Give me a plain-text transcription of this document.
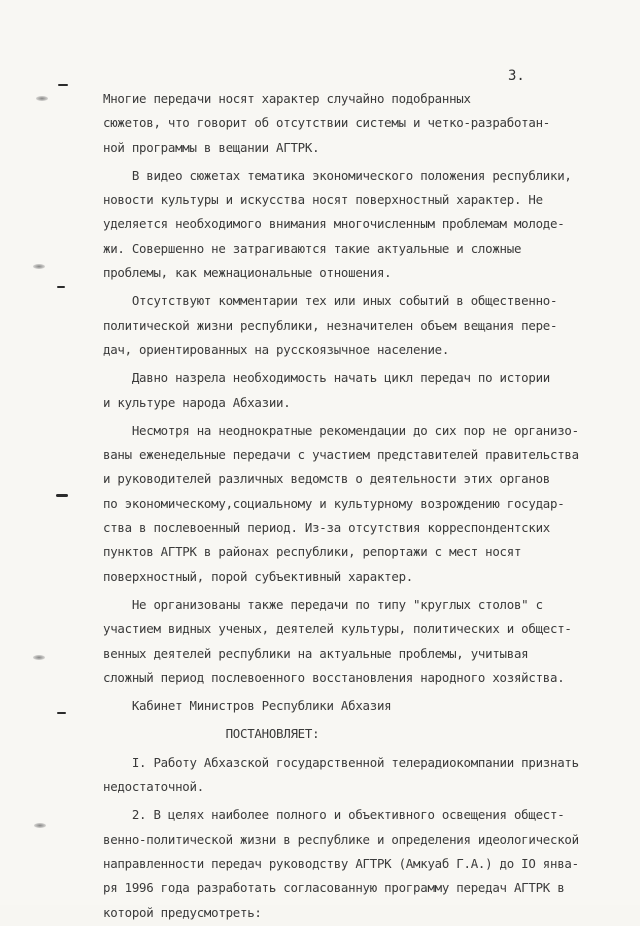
3.
Многие передачи носят характер случайно подобранных
сюжетов, что говорит об отсутствии системы и четко-разработан-
ной программы в вещании АГТРК.
В видео сюжетах тематика экономического положения республики,
новости культуры и искусства носят поверхностный характер. Не
уделяется необходимого внимания многочисленным проблемам молоде-
жи. Совершенно не затрагиваются такие актуальные и сложные
проблемы, как межнациональные отношения.
Отсутствуют комментарии тех или иных событий в общественно-
политической жизни республики, незначителен объем вещания пере-
дач, ориентированных на русскоязычное население.
Давно назрела необходимость начать цикл передач по истории
и культуре народа Абхазии.
Несмотря на неоднократные рекомендации до сих пор не организо-
ваны еженедельные передачи с участием представителей правительства
и руководителей различных ведомств о деятельности этих органов
по экономическому,социальному и культурному возрождению государ-
ства в послевоенный период. Из-за отсутствия корреспондентских
пунктов АГТРК в районах республики, репортажи с мест носят
поверхностный, порой субъективный характер.
Не организованы также передачи по типу "круглых столов" с
участием видных ученых, деятелей культуры, политических и общест-
венных деятелей республики на актуальные проблемы, учитывая
сложный период послевоенного восстановления народного хозяйства.
Кабинет Министров Республики Абхазия
ПОСТАНОВЛЯЕТ:
I. Работу Абхазской государственной телерадиокомпании признать
недостаточной.
2. В целях наиболее полного и объективного освещения общест-
венно-политической жизни в республике и определения идеологической
направленности передач руководству АГТРК (Амкуаб Г.А.) до IO янва-
ря 1996 года разработать согласованную программу передач АГТРК в
которой предусмотреть:
